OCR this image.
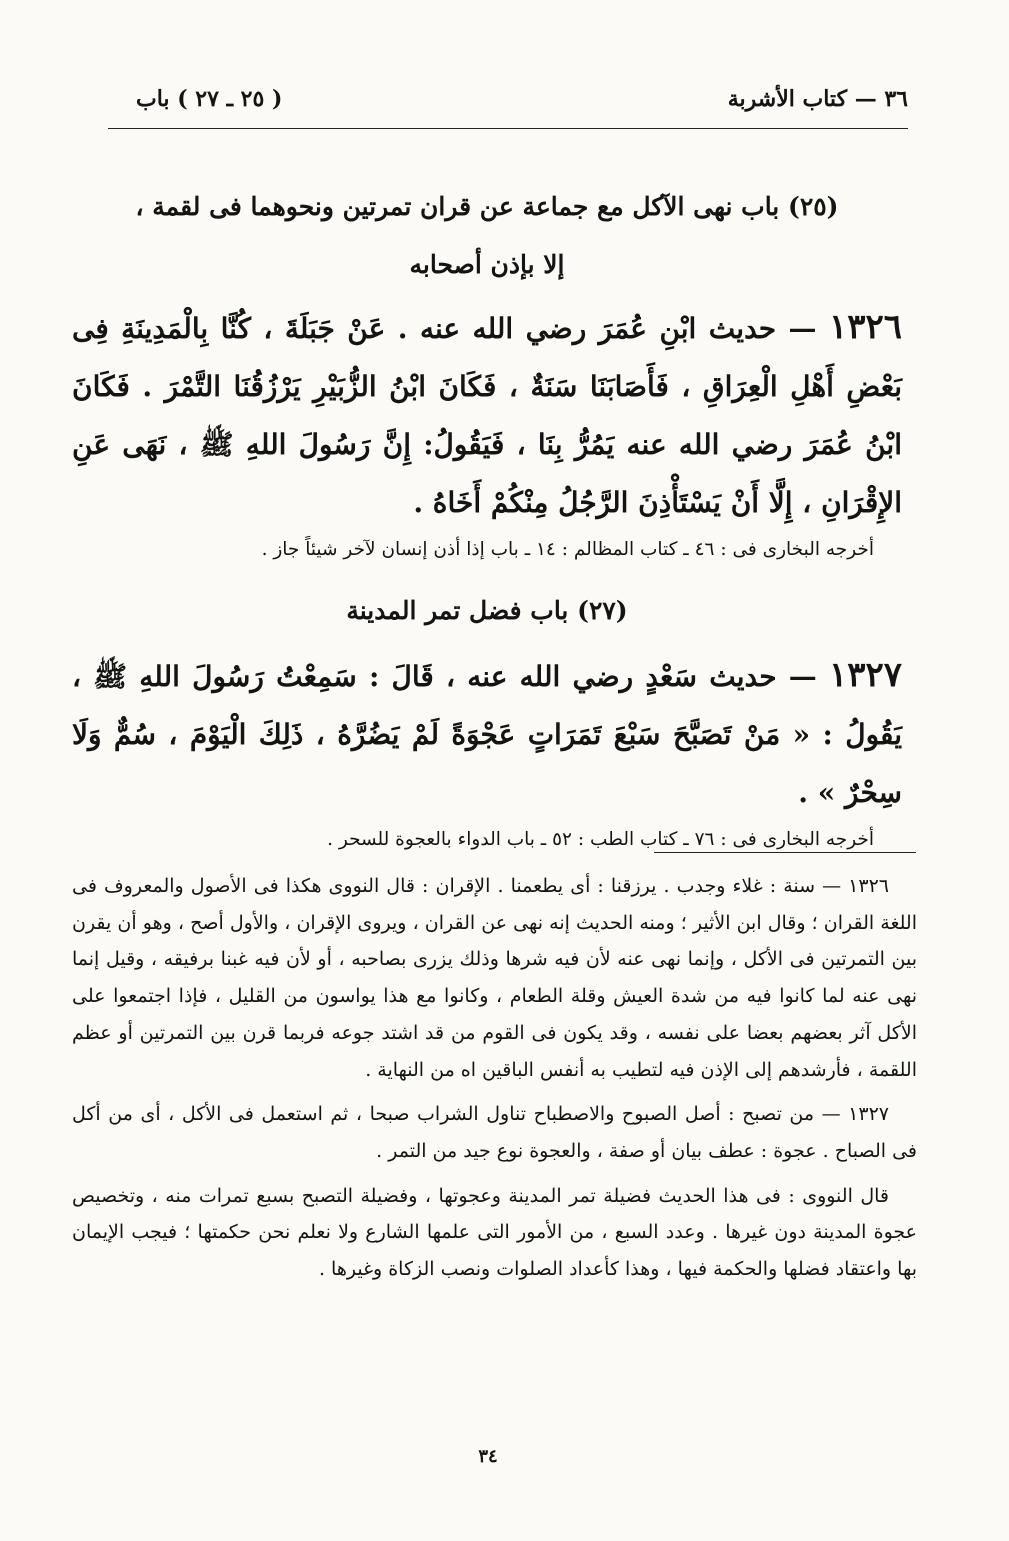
٣٦ — كتاب الأشربة
( ٢٥ ـ ٢٧ ) باب
(٢٥) باب نهى الآكل مع جماعة عن قران تمرتين ونحوهما فى لقمة ،
إلا بإذن أصحابه
١٣٢٦ — حديث ابْنِ عُمَرَ رضي الله عنه . عَنْ جَبَلَةَ ، كُنَّا بِالْمَدِينَةِ فِى بَعْضِ أَهْلِ الْعِرَاقِ ، فَأَصَابَنَا سَنَةٌ ، فَكَانَ ابْنُ الزُّبَيْرِ يَرْزُقُنَا التَّمْرَ . فَكَانَ ابْنُ عُمَرَ رضي الله عنه يَمُرُّ بِنَا ، فَيَقُولُ: إِنَّ رَسُولَ اللهِ ﷺ ، نَهَى عَنِ الإِقْرَانِ ، إِلَّا أَنْ يَسْتَأْذِنَ الرَّجُلُ مِنْكُمْ أَخَاهُ .
أخرجه البخارى فى : ٤٦ ـ كتاب المظالم : ١٤ ـ باب إذا أذن إنسان لآخر شيئاً جاز .
(٢٧) باب فضل تمر المدينة
١٣٢٧ — حديث سَعْدٍ رضي الله عنه ، قَالَ : سَمِعْتُ رَسُولَ اللهِ ﷺ ، يَقُولُ : « مَنْ تَصَبَّحَ سَبْعَ تَمَرَاتٍ عَجْوَةً لَمْ يَضُرَّهُ ، ذَلِكَ الْيَوْمَ ، سُمٌّ وَلَا سِحْرٌ » .
أخرجه البخارى فى : ٧٦ ـ كتاب الطب : ٥٢ ـ باب الدواء بالعجوة للسحر .

١٣٢٦ — سنة : غلاء وجدب . يرزقنا : أى يطعمنا . الإقران : قال النووى هكذا فى الأصول والمعروف فى اللغة القران ؛ وقال ابن الأثير ؛ ومنه الحديث إنه نهى عن القران ، ويروى الإقران ، والأول أصح ، وهو أن يقرن بين التمرتين فى الأكل ، وإنما نهى عنه لأن فيه شرها وذلك يزرى بصاحبه ، أو لأن فيه غبنا برفيقه ، وقيل إنما نهى عنه لما كانوا فيه من شدة العيش وقلة الطعام ، وكانوا مع هذا يواسون من القليل ، فإذا اجتمعوا على الأكل آثر بعضهم بعضا على نفسه ، وقد يكون فى القوم من قد اشتد جوعه فربما قرن بين التمرتين أو عظم اللقمة ، فأرشدهم إلى الإذن فيه لتطيب به أنفس الباقين اه من النهاية .

١٣٢٧ — من تصبح : أصل الصبوح والاصطباح تناول الشراب صبحا ، ثم استعمل فى الأكل ، أى من أكل فى الصباح . عجوة : عطف بيان أو صفة ، والعجوة نوع جيد من التمر .

قال النووى : فى هذا الحديث فضيلة تمر المدينة وعجوتها ، وفضيلة التصبح بسبع تمرات منه ، وتخصيص عجوة المدينة دون غيرها . وعدد السبع ، من الأمور التى علمها الشارع ولا نعلم نحن حكمتها ؛ فيجب الإيمان بها واعتقاد فضلها والحكمة فيها ، وهذا كأعداد الصلوات ونصب الزكاة وغيرها .

٣٤
